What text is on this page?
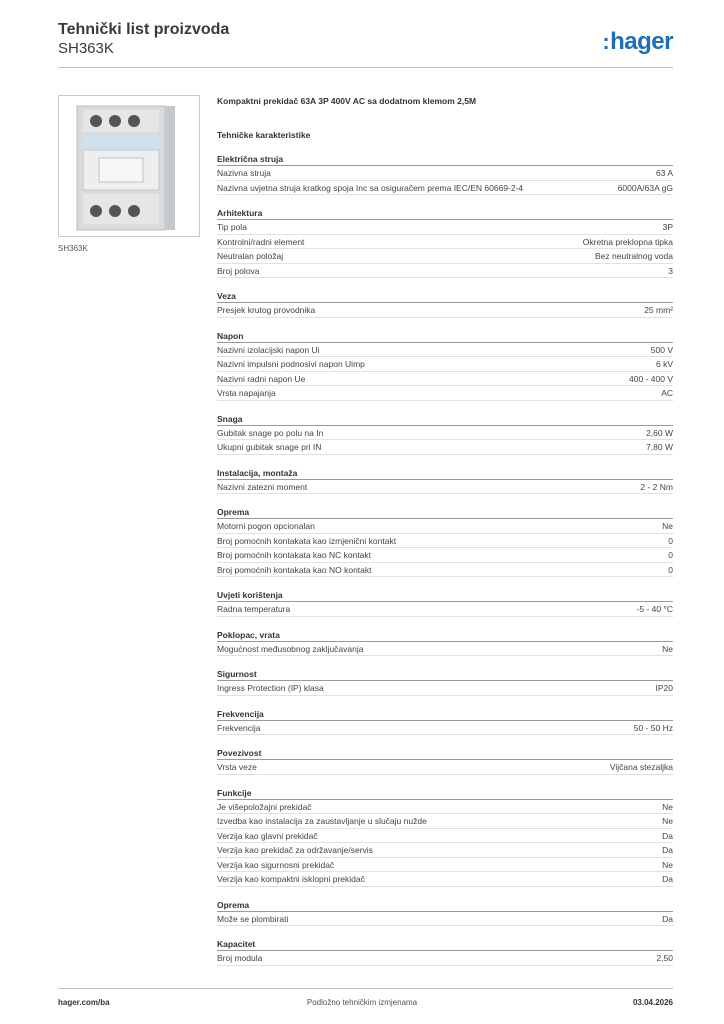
Tehnički list proizvoda
SH363K	:hager
SH363K
Kompaktni prekidač 63A 3P 400V AC sa dodatnom klemom 2,5M
Tehničke karakteristike
Električna struja
Nazivna struja	63 A
Nazivna uvjetna struja kratkog spoja Inc sa osiguračem prema IEC/EN 60669-2-4	6000A/63A gG
Arhitektura
Tip pola	3P
Kontrolni/radni element	Okretna preklopna tipka
Neutralan položaj	Bez neutralnog voda
Broj polova	3
Veza
Presjek krutog provodnika	25 mm²
Napon
Nazivni izolacijski napon Ui	500 V
Nazivni impulsni podnosivi napon Uimp	6 kV
Nazivni radni napon Ue	400 - 400 V
Vrsta napajanja	AC
Snaga
Gubitak snage po polu na In	2,60 W
Ukupni gubitak snage pri IN	7,80 W
Instalacija, montaža
Nazivni zatezni moment	2 - 2 Nm
Oprema
Motorni pogon opcionalan	Ne
Broj pomoćnih kontakata kao izmjenični kontakt	0
Broj pomoćnih kontakata kao NC kontakt	0
Broj pomoćnih kontakata kao NO kontakt	0
Uvjeti korištenja
Radna temperatura	-5 - 40 °C
Poklopac, vrata
Mogućnost međusobnog zaključavanja	Ne
Sigurnost
Ingress Protection (IP) klasa	IP20
Frekvencija
Frekvencija	50 - 50 Hz
Povezivost
Vrsta veze	Vijčana stezaljka
Funkcije
Je višepoložajni prekidač	Ne
Izvedba kao instalacija za zaustavljanje u slučaju nužde	Ne
Verzija kao glavni prekidač	Da
Verzija kao prekidač za održavanje/servis	Da
Verzija kao sigurnosni prekidač	Ne
Verzija kao kompaktni isklopni prekidač	Da
Oprema
Može se plombirati	Da
Kapacitet
Broj modula	2,50
hager.com/ba	Podložno tehničkim izmjenama	03.04.2026
